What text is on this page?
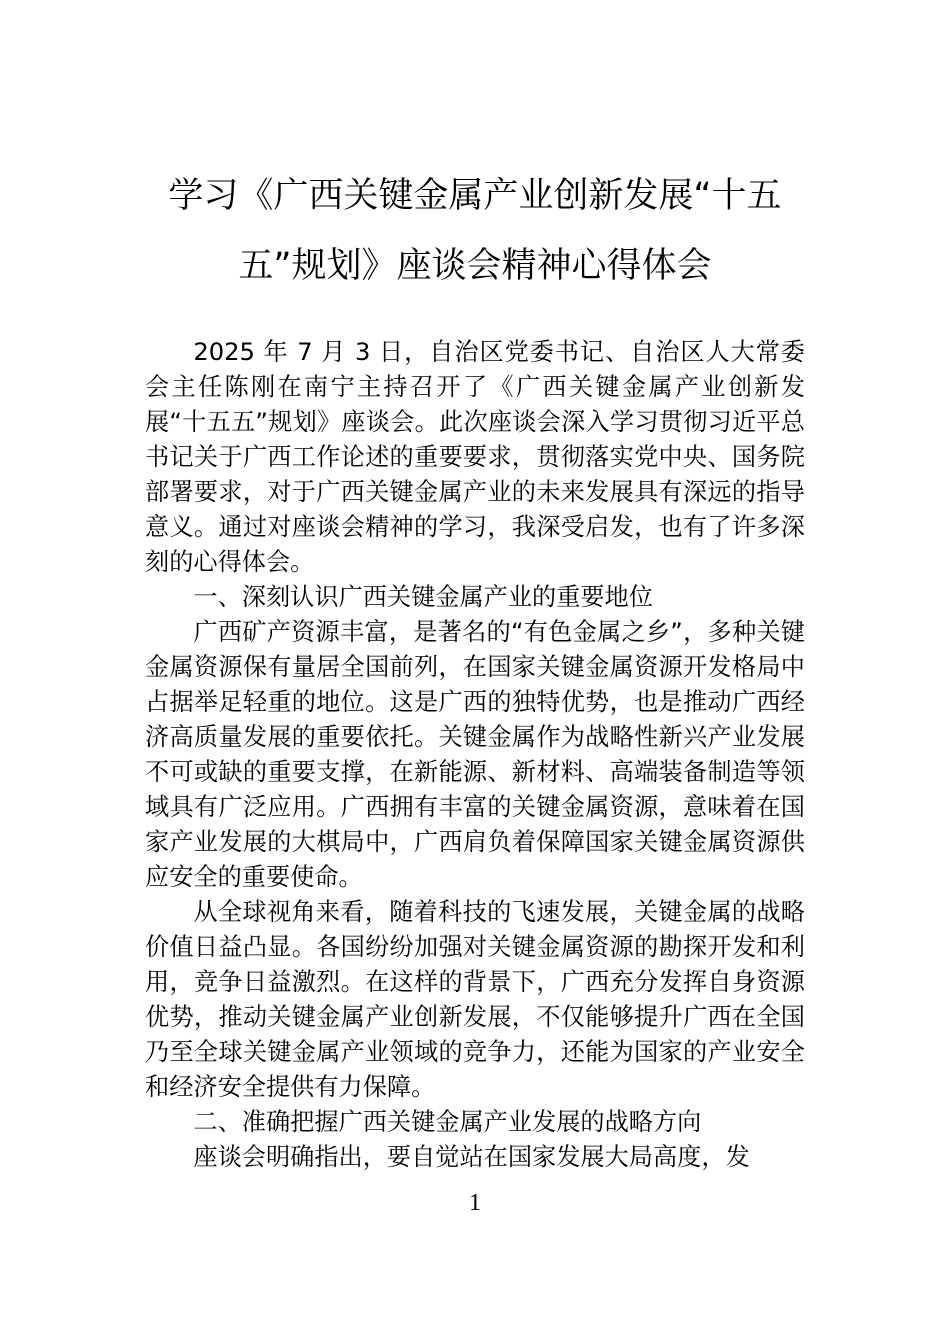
学习《广西关键金属产业创新发展“十五
五”规划》座谈会精神心得体会

2025 年 7 月 3 日，自治区党委书记、自治区人大常委会主任陈刚在南宁主持召开了《广西关键金属产业创新发展“十五五”规划》座谈会。此次座谈会深入学习贯彻习近平总书记关于广西工作论述的重要要求，贯彻落实党中央、国务院部署要求，对于广西关键金属产业的未来发展具有深远的指导意义。通过对座谈会精神的学习，我深受启发，也有了许多深刻的心得体会。

一、深刻认识广西关键金属产业的重要地位

广西矿产资源丰富，是著名的“有色金属之乡”，多种关键金属资源保有量居全国前列，在国家关键金属资源开发格局中占据举足轻重的地位。这是广西的独特优势，也是推动广西经济高质量发展的重要依托。关键金属作为战略性新兴产业发展不可或缺的重要支撑，在新能源、新材料、高端装备制造等领域具有广泛应用。广西拥有丰富的关键金属资源，意味着在国家产业发展的大棋局中，广西肩负着保障国家关键金属资源供应安全的重要使命。

从全球视角来看，随着科技的飞速发展，关键金属的战略价值日益凸显。各国纷纷加强对关键金属资源的勘探开发和利用，竞争日益激烈。在这样的背景下，广西充分发挥自身资源优势，推动关键金属产业创新发展，不仅能够提升广西在全国乃至全球关键金属产业领域的竞争力，还能为国家的产业安全和经济安全提供有力保障。

二、准确把握广西关键金属产业发展的战略方向

座谈会明确指出，要自觉站在国家发展大局高度，发

1
